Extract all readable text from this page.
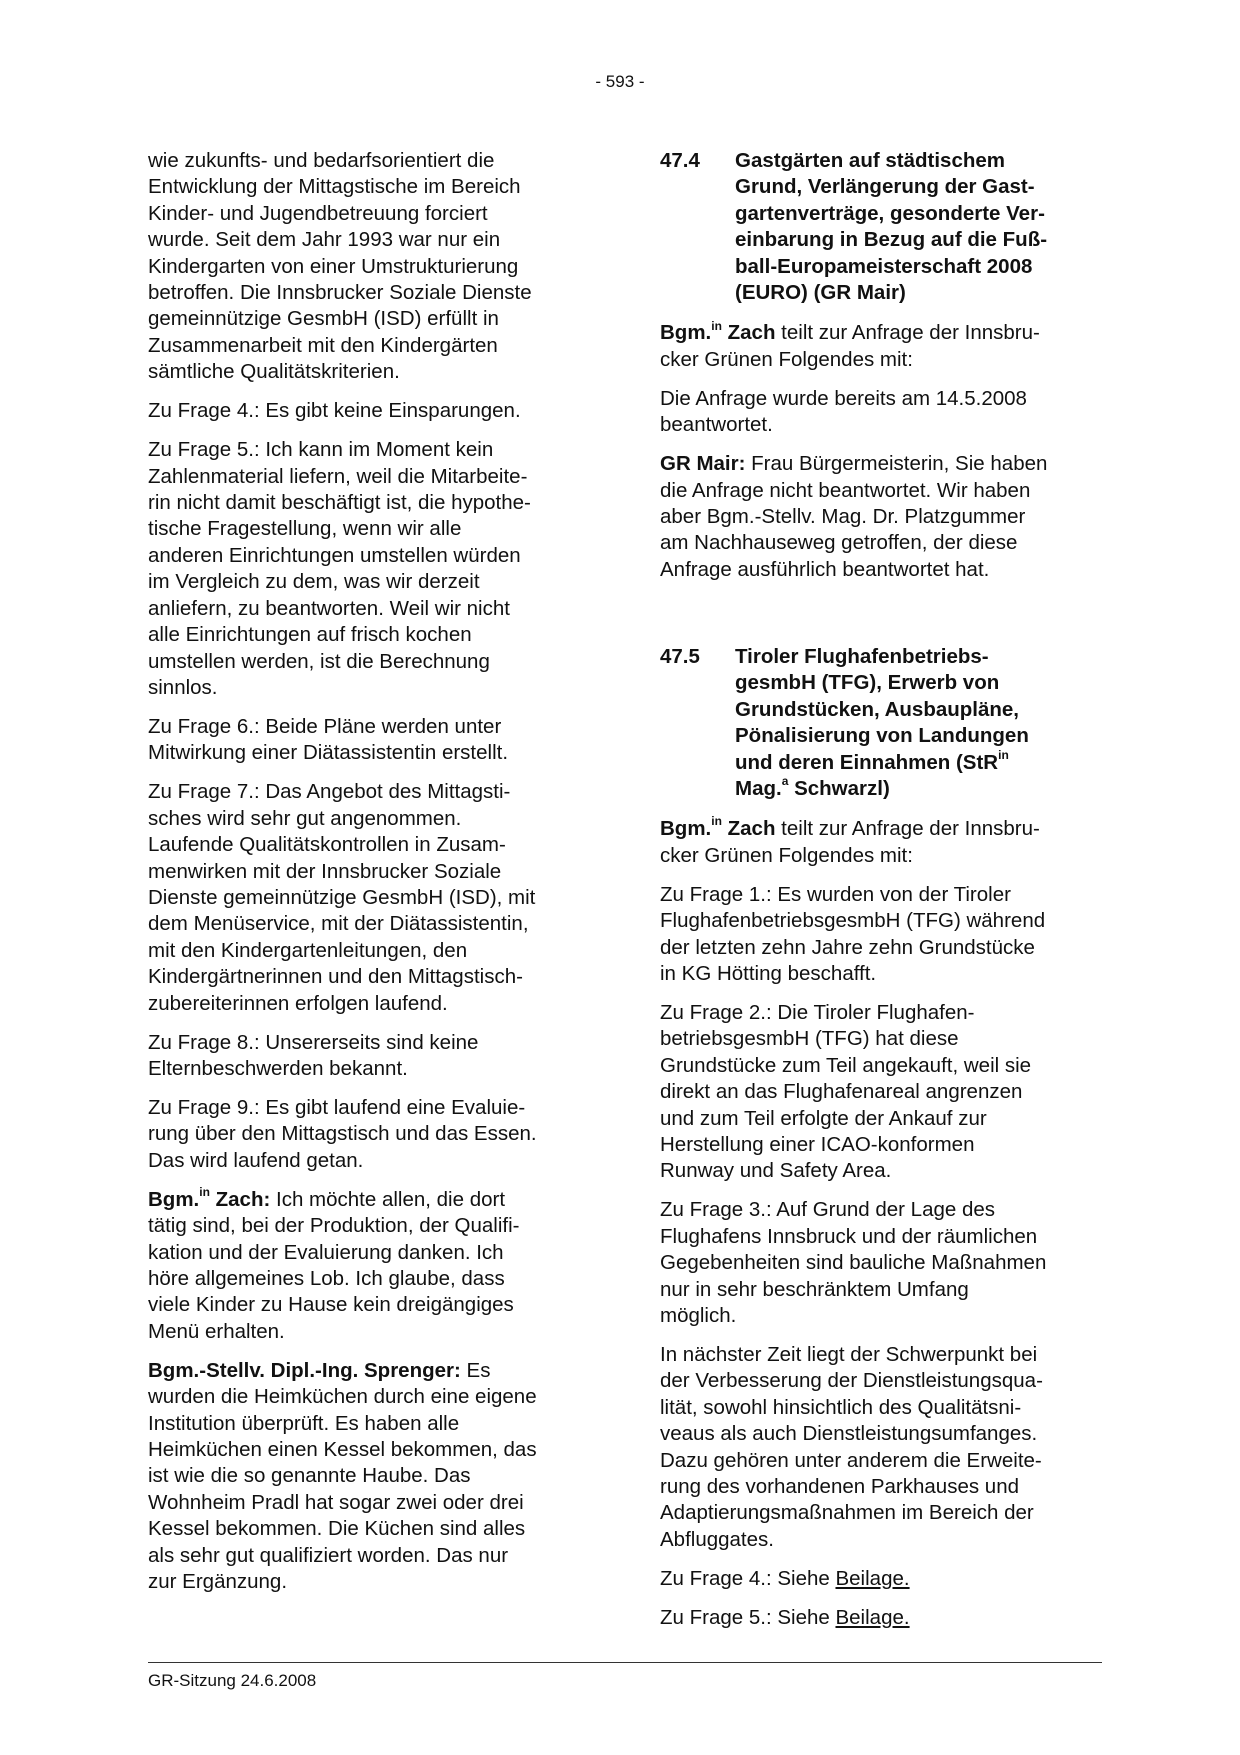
- 593 -

wie zukunfts- und bedarfsorientiert die
Entwicklung der Mittagstische im Bereich
Kinder- und Jugendbetreuung forciert
wurde. Seit dem Jahr 1993 war nur ein
Kindergarten von einer Umstrukturierung
betroffen. Die Innsbrucker Soziale Dienste
gemeinnützige GesmbH (ISD) erfüllt in
Zusammenarbeit mit den Kindergärten
sämtliche Qualitätskriterien.

Zu Frage 4.: Es gibt keine Einsparungen.

Zu Frage 5.: Ich kann im Moment kein
Zahlenmaterial liefern, weil die Mitarbeite-
rin nicht damit beschäftigt ist, die hypothe-
tische Fragestellung, wenn wir alle
anderen Einrichtungen umstellen würden
im Vergleich zu dem, was wir derzeit
anliefern, zu beantworten. Weil wir nicht
alle Einrichtungen auf frisch kochen
umstellen werden, ist die Berechnung
sinnlos.

Zu Frage 6.: Beide Pläne werden unter
Mitwirkung einer Diätassistentin erstellt.

Zu Frage 7.: Das Angebot des Mittagsti-
sches wird sehr gut angenommen.
Laufende Qualitätskontrollen in Zusam-
menwirken mit der Innsbrucker Soziale
Dienste gemeinnützige GesmbH (ISD), mit
dem Menüservice, mit der Diätassistentin,
mit den Kindergartenleitungen, den
Kindergärtnerinnen und den Mittagstisch-
zubereiterinnen erfolgen laufend.

Zu Frage 8.: Unsererseits sind keine
Elternbeschwerden bekannt.

Zu Frage 9.: Es gibt laufend eine Evaluie-
rung über den Mittagstisch und das Essen.
Das wird laufend getan.

Bgm.$^{in}$ Zach: Ich möchte allen, die dort
tätig sind, bei der Produktion, der Qualifi-
kation und der Evaluierung danken. Ich
höre allgemeines Lob. Ich glaube, dass
viele Kinder zu Hause kein dreigängiges
Menü erhalten.

Bgm.-Stellv. Dipl.-Ing. Sprenger: Es
wurden die Heimküchen durch eine eigene
Institution überprüft. Es haben alle
Heimküchen einen Kessel bekommen, das
ist wie die so genannte Haube. Das
Wohnheim Pradl hat sogar zwei oder drei
Kessel bekommen. Die Küchen sind alles
als sehr gut qualifiziert worden. Das nur
zur Ergänzung.

47.4	Gastgärten auf städtischem
Grund, Verlängerung der Gast-
gartenverträge, gesonderte Ver-
einbarung in Bezug auf die Fuß-
ball-Europameisterschaft 2008
(EURO) (GR Mair)

Bgm.$^{in}$ Zach teilt zur Anfrage der Innsbru-
cker Grünen Folgendes mit:

Die Anfrage wurde bereits am 14.5.2008
beantwortet.

GR Mair: Frau Bürgermeisterin, Sie haben
die Anfrage nicht beantwortet. Wir haben
aber Bgm.-Stellv. Mag. Dr. Platzgummer
am Nachhauseweg getroffen, der diese
Anfrage ausführlich beantwortet hat.

47.5	Tiroler Flughafenbetriebs-
gesmbH (TFG), Erwerb von
Grundstücken, Ausbaupläne,
Pönalisierung von Landungen
und deren Einnahmen (StR$^{in}$
Mag.$^a$ Schwarzl)

Bgm.$^{in}$ Zach teilt zur Anfrage der Innsbru-
cker Grünen Folgendes mit:

Zu Frage 1.: Es wurden von der Tiroler
FlughafenbetriebsgesmbH (TFG) während
der letzten zehn Jahre zehn Grundstücke
in KG Hötting beschafft.

Zu Frage 2.: Die Tiroler Flughafen-
betriebsgesmbH (TFG) hat diese
Grundstücke zum Teil angekauft, weil sie
direkt an das Flughafenareal angrenzen
und zum Teil erfolgte der Ankauf zur
Herstellung einer ICAO-konformen
Runway und Safety Area.

Zu Frage 3.: Auf Grund der Lage des
Flughafens Innsbruck und der räumlichen
Gegebenheiten sind bauliche Maßnahmen
nur in sehr beschränktem Umfang
möglich.

In nächster Zeit liegt der Schwerpunkt bei
der Verbesserung der Dienstleistungsqua-
lität, sowohl hinsichtlich des Qualitätsni-
veaus als auch Dienstleistungsumfanges.
Dazu gehören unter anderem die Erweite-
rung des vorhandenen Parkhauses und
Adaptierungsmaßnahmen im Bereich der
Abfluggates.

Zu Frage 4.: Siehe Beilage.

Zu Frage 5.: Siehe Beilage.

GR-Sitzung 24.6.2008
